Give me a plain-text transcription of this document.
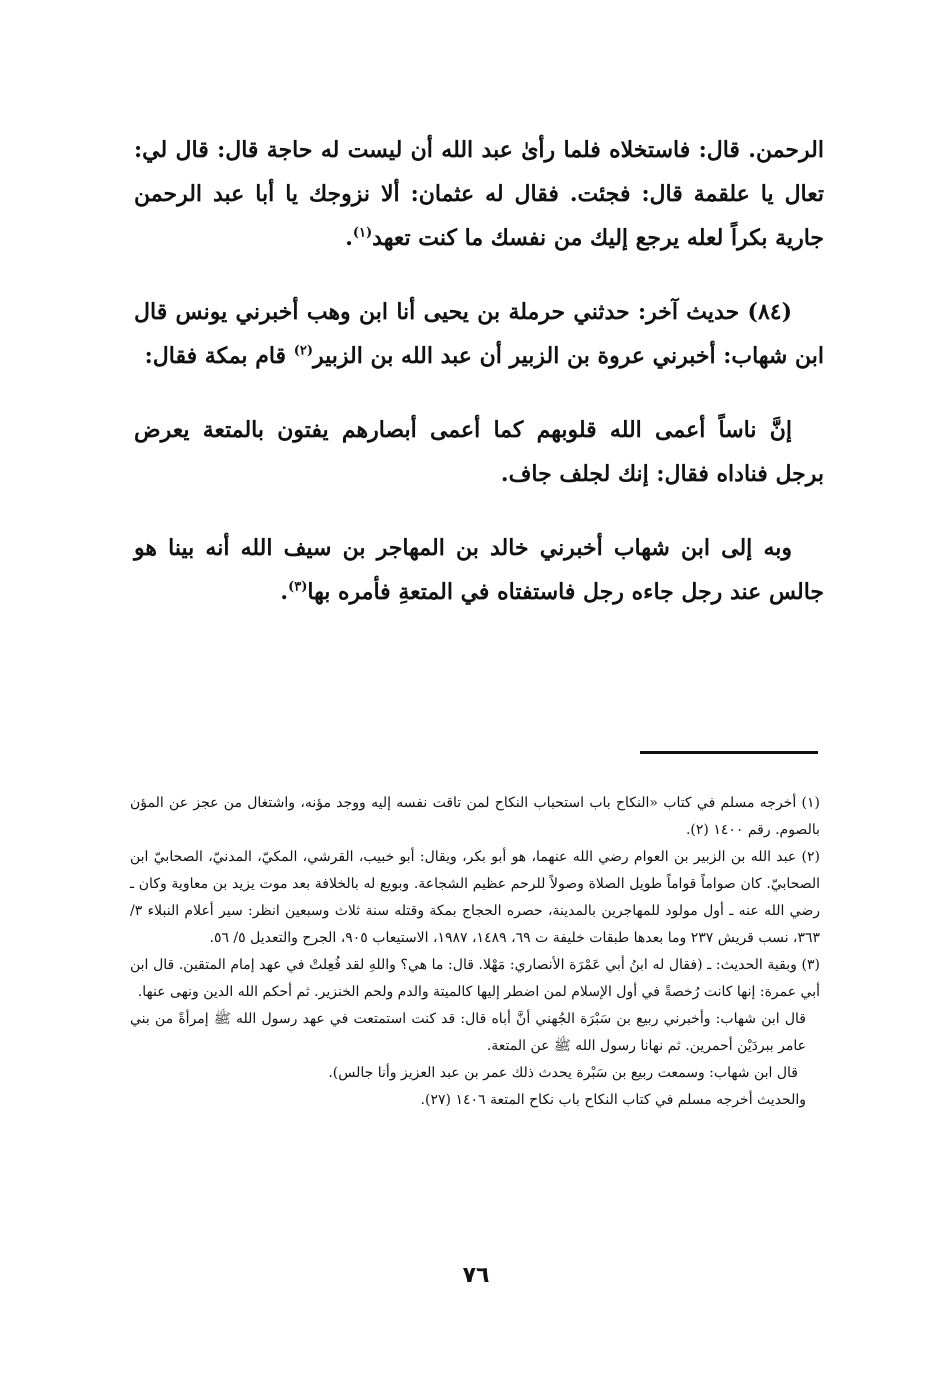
الرحمن. قال: فاستخلاه فلما رأىٰ عبد الله أن ليست له حاجة قال: قال لي: تعال يا علقمة قال: فجئت. فقال له عثمان: ألا نزوجك يا أبا عبد الرحمن جارية بكراً لعله يرجع إليك من نفسك ما كنت تعهد$^{(١)}$.

(٨٤) حديث آخر: حدثني حرملة بن يحيى أنا ابن وهب أخبرني يونس قال ابن شهاب: أخبرني عروة بن الزبير أن عبد الله بن الزبير$^{(٢)}$ قام بمكة فقال:

إنَّ ناساً أعمى الله قلوبهم كما أعمى أبصارهم يفتون بالمتعة يعرض برجل فناداه فقال: إنك لجلف جاف.

وبه إلى ابن شهاب أخبرني خالد بن المهاجر بن سيف الله أنه بينا هو جالس عند رجل جاءه رجل فاستفتاه في المتعةِ فأمره بها$^{(٣)}$.

(١) أخرجه مسلم في كتاب «النكاح باب استحباب النكاح لمن تاقت نفسه إليه ووجد مؤنه، واشتغال من عجز عن المؤن بالصوم. رقم ١٤٠٠ (٢).

(٢) عبد الله بن الزبير بن العوام رضي الله عنهما، هو أبو بكر، ويقال: أبو خبيب، القرشي، المكيّ، المدنيّ، الصحابيّ ابن الصحابيّ. كان صواماً قواماً طويل الصلاة وصولاً للرحم عظيم الشجاعة. وبويع له بالخلافة بعد موت يزيد بن معاوية وكان ـ رضي الله عنه ـ أول مولود للمهاجرين بالمدينة، حصره الحجاج بمكة وقتله سنة ثلاث وسبعين انظر: سير أعلام النبلاء ٣/ ٣٦٣، نسب قريش ٢٣٧ وما بعدها طبقات خليفة ت ٦٩، ١٤٨٩، ١٩٨٧، الاستيعاب ٩٠٥، الجرح والتعديل ٥/ ٥٦.

(٣) وبقية الحديث: ـ (فقال له ابنُ أبي عَمْرَة الأنصاري: مَهْلا. قال: ما هي؟ واللهِ لقد فُعِلتْ في عهد إمام المتقين. قال ابن أبي عمرة: إنها كانت رُخصةً في أول الإسلام لمن اضطر إليها كالميتة والدم ولحم الخنزير. ثم أحكم الله الدين ونهى عنها.

قال ابن شهاب: وأخبرني ربيع بن سَبْرَة الجُهني أنَّ أباه قال: قد كنت استمتعت في عهد رسول الله ﷺ إمرأةً من بني عامر ببردَيْن أحمرين. ثم نهانا رسول الله ﷺ عن المتعة.

قال ابن شهاب: وسمعت ربيع بن سَبْرة يحدث ذلك عمر بن عبد العزيز وأنا جالس).

والحديث أخرجه مسلم في كتاب النكاح باب نكاح المتعة ١٤٠٦ (٢٧).

٧٦
